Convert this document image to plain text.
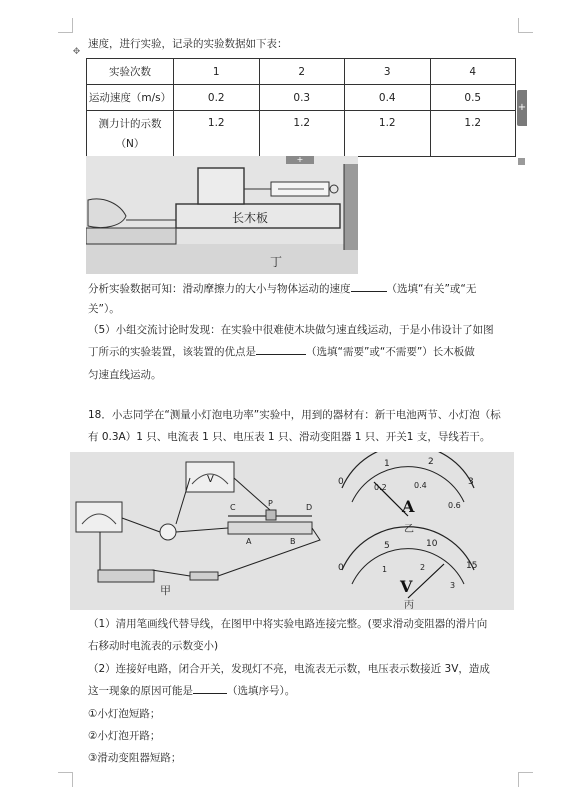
速度，进行实验，记录的实验数据如下表：
✥
实验次数	1	2	3	4
运动速度（m/s）	0.2	0.3	0.4	0.5
测力计的示数
（N）	1.2	1.2	1.2	1.2
+
长木板
丁
+
分析实验数据可知：滑动摩擦力的大小与物体运动的速度	（选填“有关”或“无
关”）。
（5）小组交流讨论时发现：在实验中很难使木块做匀速直线运动，于是小伟设计了如图
丁所示的实验装置，该装置的优点是	（选填“需要”或“不需要”）长木板做
匀速直线运动。
18．小志同学在“测量小灯泡电功率”实验中，用到的器材有：新干电池两节、小灯泡（标
有 0.3A）1 只、电流表 1 只、电压表 1 只、滑动变阻器 1 只、开关1 支，导线若干。
V
C	P	D
A	B
甲
0
1	2
3
0.2	0.4
0.6
A
乙
0
5	10
15
1	2
3
V
丙
（1）清用笔画线代替导线，在图甲中将实验电路连接完整。(要求滑动变阻器的滑片向
右移动时电流表的示数变小)
（2）连接好电路，闭合开关，发现灯不亮，电流表无示数，电压表示数接近 3V，造成
这一现象的原因可能是	（选填序号）。
①小灯泡短路；
②小灯泡开路；
③滑动变阻器短路；
